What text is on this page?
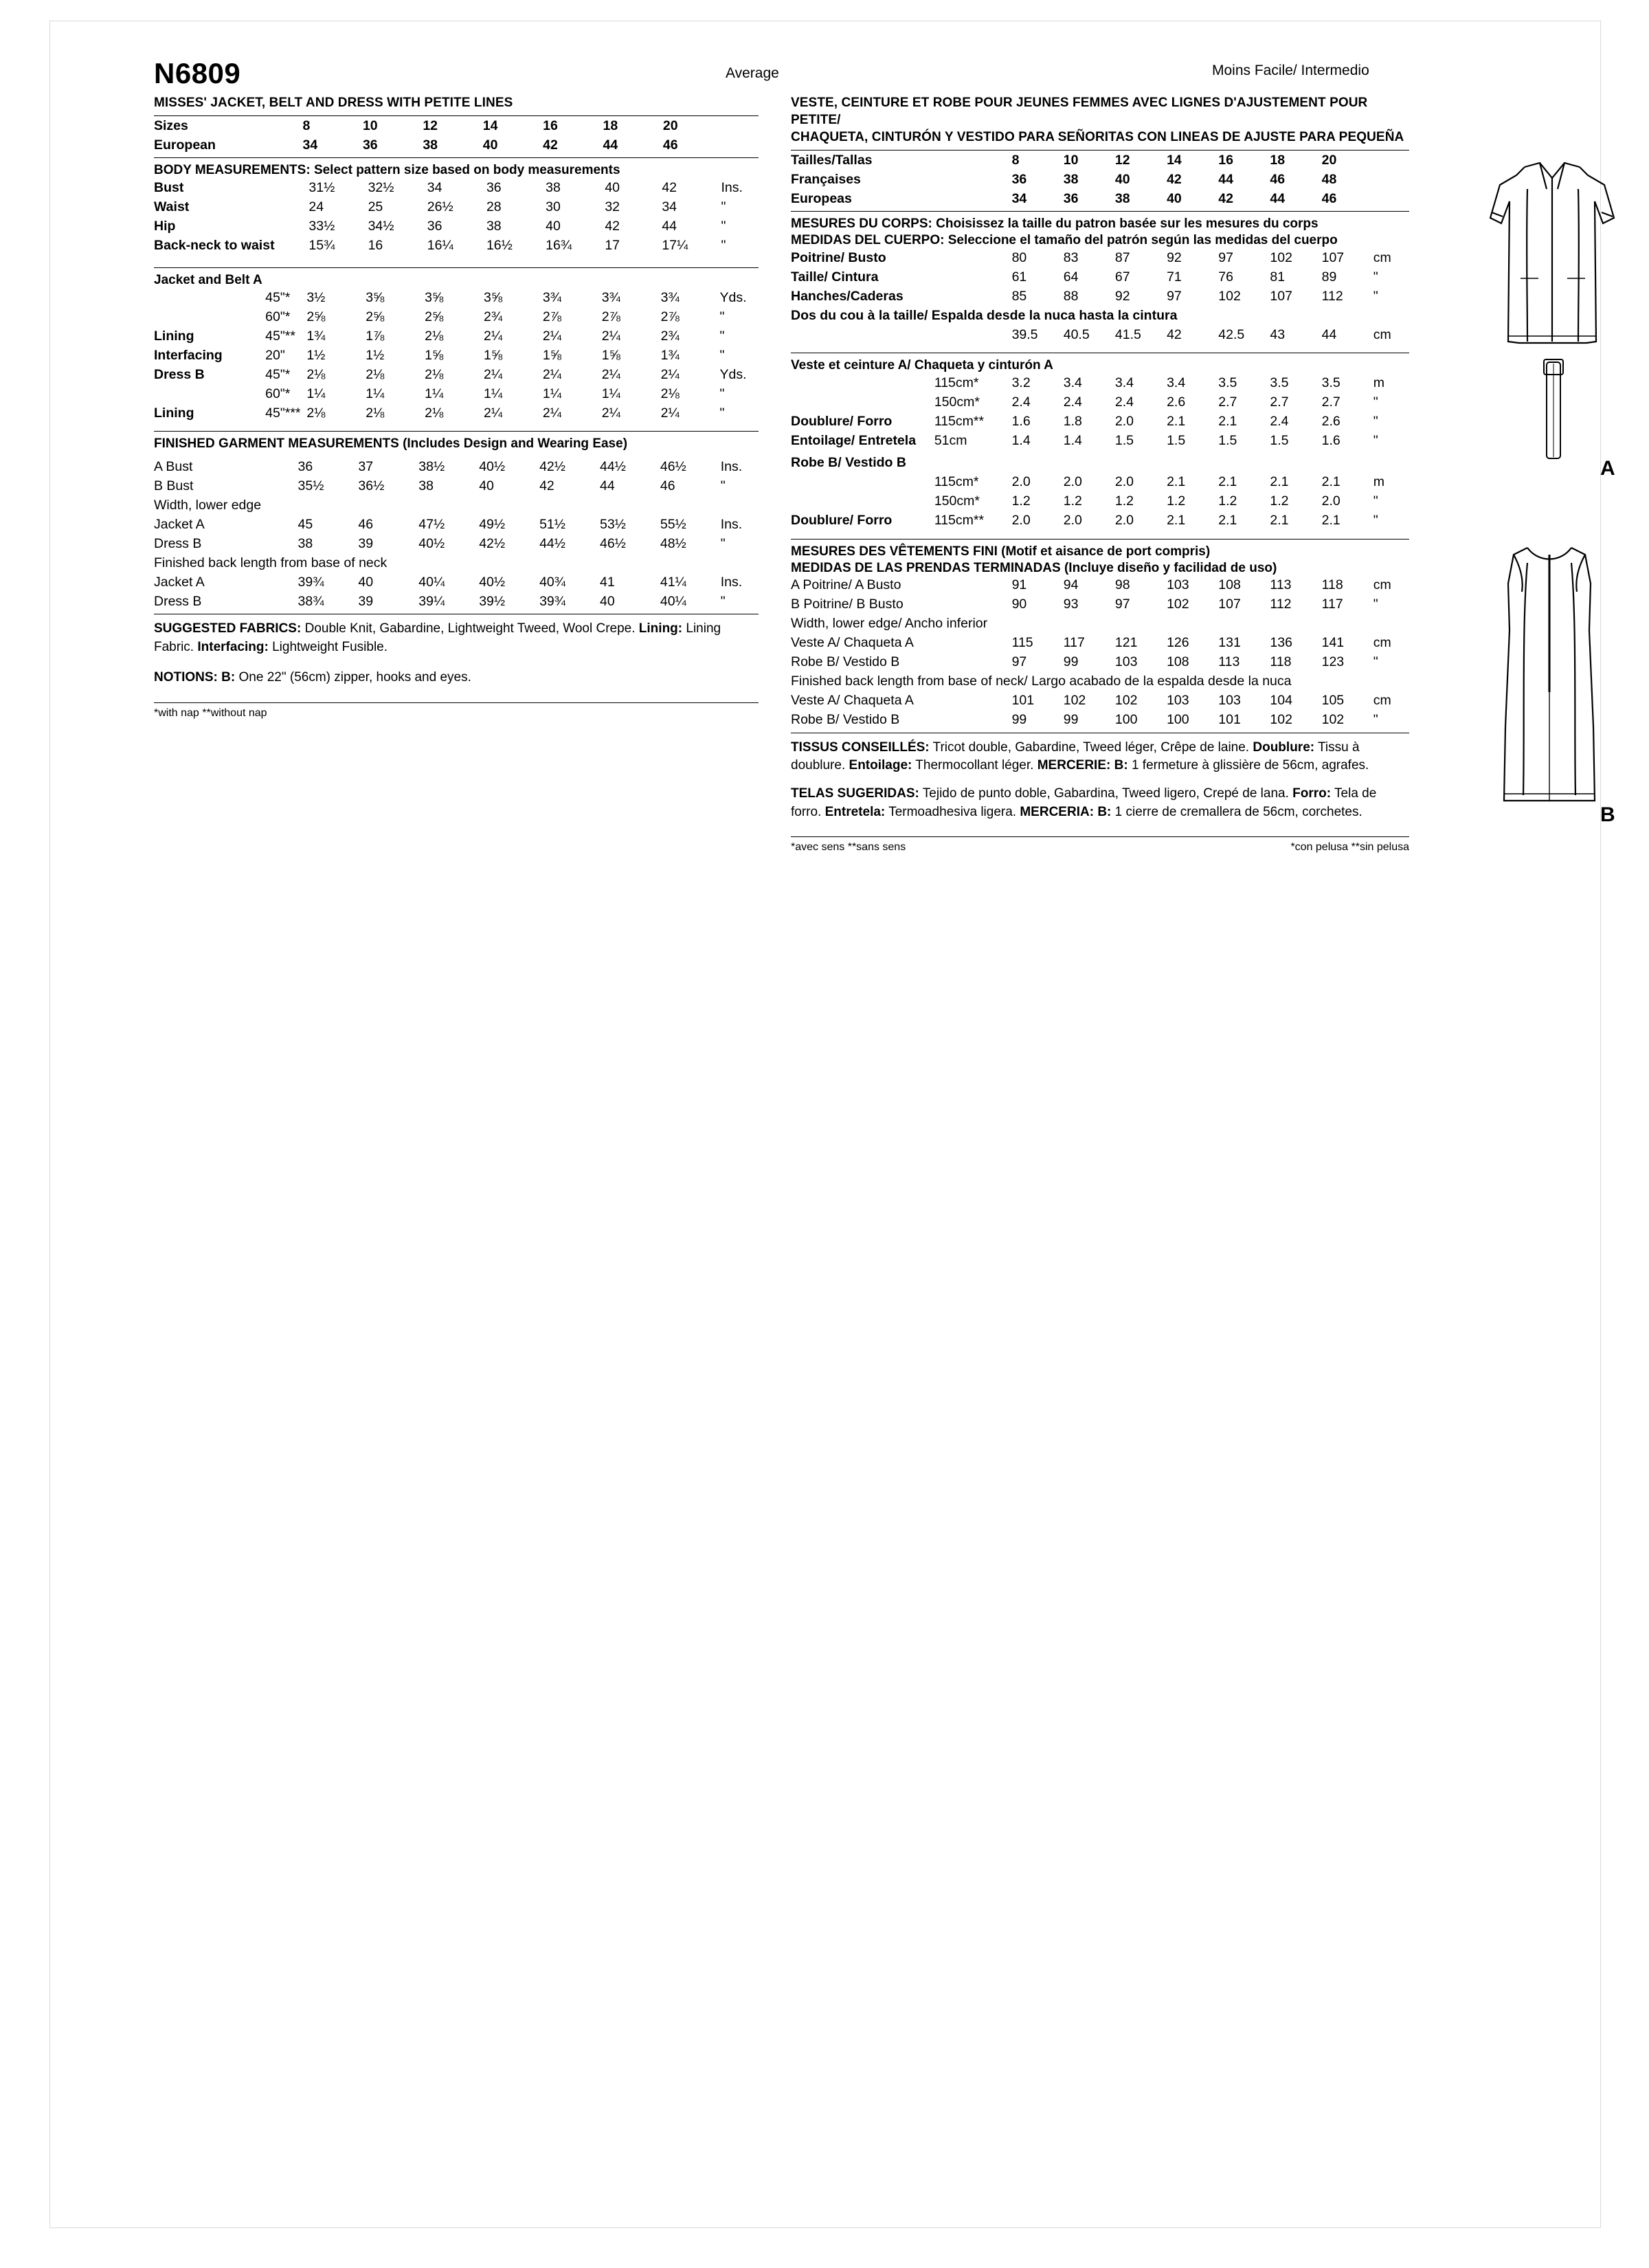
N6809	Average	Moins Facile/ Intermedio
MISSES' JACKET, BELT AND DRESS WITH PETITE LINES
Sizes		8	10	12	14	16	18	20	
European		34	36	38	40	42	44	46	
BODY MEASUREMENTS: Select pattern size based on body measurements
Bust		31½	32½	34	36	38	40	42	Ins.
Waist		24	25	26½	28	30	32	34	"
Hip		33½	34½	36	38	40	42	44	"
Back-neck to waist		15¾	16	16¼	16½	16¾	17	17¼	"
Jacket and Belt A
	45"*	3½	3⅝	3⅝	3⅝	3¾	3¾	3¾	Yds.
	60"*	2⅝	2⅝	2⅝	2¾	2⅞	2⅞	2⅞	"
Lining	45"**	1¾	1⅞	2⅛	2¼	2¼	2¼	2¾	"
Interfacing	20"	1½	1½	1⅝	1⅝	1⅝	1⅝	1¾	"
Dress B	45"*	2⅛	2⅛	2⅛	2¼	2¼	2¼	2¼	Yds.
	60"*	1¼	1¼	1¼	1¼	1¼	1¼	2⅛	"
Lining	45"***	2⅛	2⅛	2⅛	2¼	2¼	2¼	2¼	"
FINISHED GARMENT MEASUREMENTS (Includes Design and Wearing Ease)
A Bust		36	37	38½	40½	42½	44½	46½	Ins.
B Bust		35½	36½	38	40	42	44	46	"
Width, lower edge									
Jacket A		45	46	47½	49½	51½	53½	55½	Ins.
Dress B		38	39	40½	42½	44½	46½	48½	"
Finished back length from base of neck									
Jacket A		39¾	40	40¼	40½	40¾	41	41¼	Ins.
Dress B		38¾	39	39¼	39½	39¾	40	40¼	"
SUGGESTED FABRICS: Double Knit, Gabardine, Lightweight Tweed, Wool Crepe. Lining: Lining Fabric. Interfacing: Lightweight Fusible.
NOTIONS: B: One 22" (56cm) zipper, hooks and eyes.
*with nap **without nap
VESTE, CEINTURE ET ROBE POUR JEUNES FEMMES AVEC LIGNES D'AJUSTEMENT POUR PETITE/
CHAQUETA, CINTURÓN Y VESTIDO PARA SEÑORITAS CON LINEAS DE AJUSTE PARA PEQUEÑA
Tailles/Tallas		8	10	12	14	16	18	20	
Françaises		36	38	40	42	44	46	48	
Europeas		34	36	38	40	42	44	46	
MESURES DU CORPS: Choisissez la taille du patron basée sur les mesures du corps
MEDIDAS DEL CUERPO: Seleccione el tamaño del patrón según las medidas del cuerpo
Poitrine/ Busto		80	83	87	92	97	102	107	cm
Taille/ Cintura		61	64	67	71	76	81	89	"
Hanches/Caderas		85	88	92	97	102	107	112	"
Dos du cou à la taille/ Espalda desde la nuca hasta la cintura									
		39.5	40.5	41.5	42	42.5	43	44	cm
Veste et ceinture A/ Chaqueta y cinturón A
	115cm*	3.2	3.4	3.4	3.4	3.5	3.5	3.5	m
	150cm*	2.4	2.4	2.4	2.6	2.7	2.7	2.7	"
Doublure/ Forro	115cm**	1.6	1.8	2.0	2.1	2.1	2.4	2.6	"
Entoilage/ Entretela	51cm	1.4	1.4	1.5	1.5	1.5	1.5	1.6	"
Robe B/ Vestido B									
	115cm*	2.0	2.0	2.0	2.1	2.1	2.1	2.1	m
	150cm*	1.2	1.2	1.2	1.2	1.2	1.2	2.0	"
Doublure/ Forro	115cm**	2.0	2.0	2.0	2.1	2.1	2.1	2.1	"
MESURES DES VÊTEMENTS FINI (Motif et aisance de port compris)
MEDIDAS DE LAS PRENDAS TERMINADAS (Incluye diseño y facilidad de uso)
A Poitrine/ A Busto		91	94	98	103	108	113	118	cm
B Poitrine/ B Busto		90	93	97	102	107	112	117	"
Width, lower edge/ Ancho inferior									
Veste A/ Chaqueta A		115	117	121	126	131	136	141	cm
Robe B/ Vestido B		97	99	103	108	113	118	123	"
Finished back length from base of neck/ Largo acabado de la espalda desde la nuca									
Veste A/ Chaqueta A		101	102	102	103	103	104	105	cm
Robe B/ Vestido B		99	99	100	100	101	102	102	"
TISSUS CONSEILLÉS: Tricot double, Gabardine, Tweed léger, Crêpe de laine. Doublure: Tissu à doublure. Entoilage: Thermocollant léger. MERCERIE: B: 1 fermeture à glissière de 56cm, agrafes.
TELAS SUGERIDAS: Tejido de punto doble, Gabardina, Tweed ligero, Crepé de lana. Forro: Tela de forro. Entretela: Termoadhesiva ligera. MERCERIA: B: 1 cierre de cremallera de 56cm, corchetes.
*avec sens **sans sens	*con pelusa **sin pelusa
A
B
